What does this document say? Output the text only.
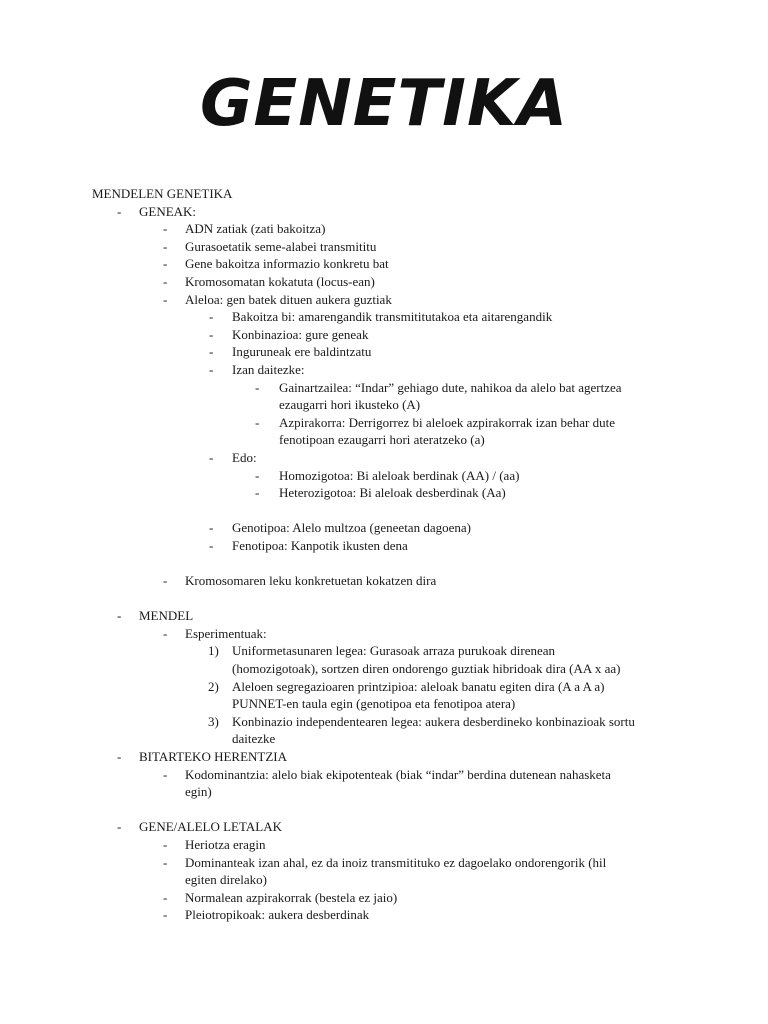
GENETIKA
MENDELEN GENETIKA
- GENEAK:
- ADN zatiak (zati bakoitza)
- Gurasoetatik seme-alabei transmititu
- Gene bakoitza informazio konkretu bat
- Kromosomatan kokatuta (locus-ean)
- Aleloa: gen batek dituen aukera guztiak
- Bakoitza bi: amarengandik transmititutakoa eta aitarengandik
- Konbinazioa: gure geneak
- Inguruneak ere baldintzatu
- Izan daitezke:
- Gainartzailea: “Indar” gehiago dute, nahikoa da alelo bat agertzea
ezaugarri hori ikusteko (A)
- Azpirakorra: Derrigorrez bi aleloek azpirakorrak izan behar dute
fenotipoan ezaugarri hori ateratzeko (a)
- Edo:
- Homozigotoa: Bi aleloak berdinak (AA) / (aa)
- Heterozigotoa: Bi aleloak desberdinak (Aa)
- Genotipoa: Alelo multzoa (geneetan dagoena)
- Fenotipoa: Kanpotik ikusten dena
- Kromosomaren leku konkretuetan kokatzen dira
- MENDEL
- Esperimentuak:
1) Uniformetasunaren legea: Gurasoak arraza purukoak direnean
(homozigotoak), sortzen diren ondorengo guztiak hibridoak dira (AA x aa)
2) Aleloen segregazioaren printzipioa: aleloak banatu egiten dira (A a A a)
PUNNET-en taula egin (genotipoa eta fenotipoa atera)
3) Konbinazio independentearen legea: aukera desberdineko konbinazioak sortu
daitezke
- BITARTEKO HERENTZIA
- Kodominantzia: alelo biak ekipotenteak (biak “indar” berdina dutenean nahasketa
egin)
- GENE/ALELO LETALAK
- Heriotza eragin
- Dominanteak izan ahal, ez da inoiz transmitituko ez dagoelako ondorengorik (hil
egiten direlako)
- Normalean azpirakorrak (bestela ez jaio)
- Pleiotropikoak: aukera desberdinak
